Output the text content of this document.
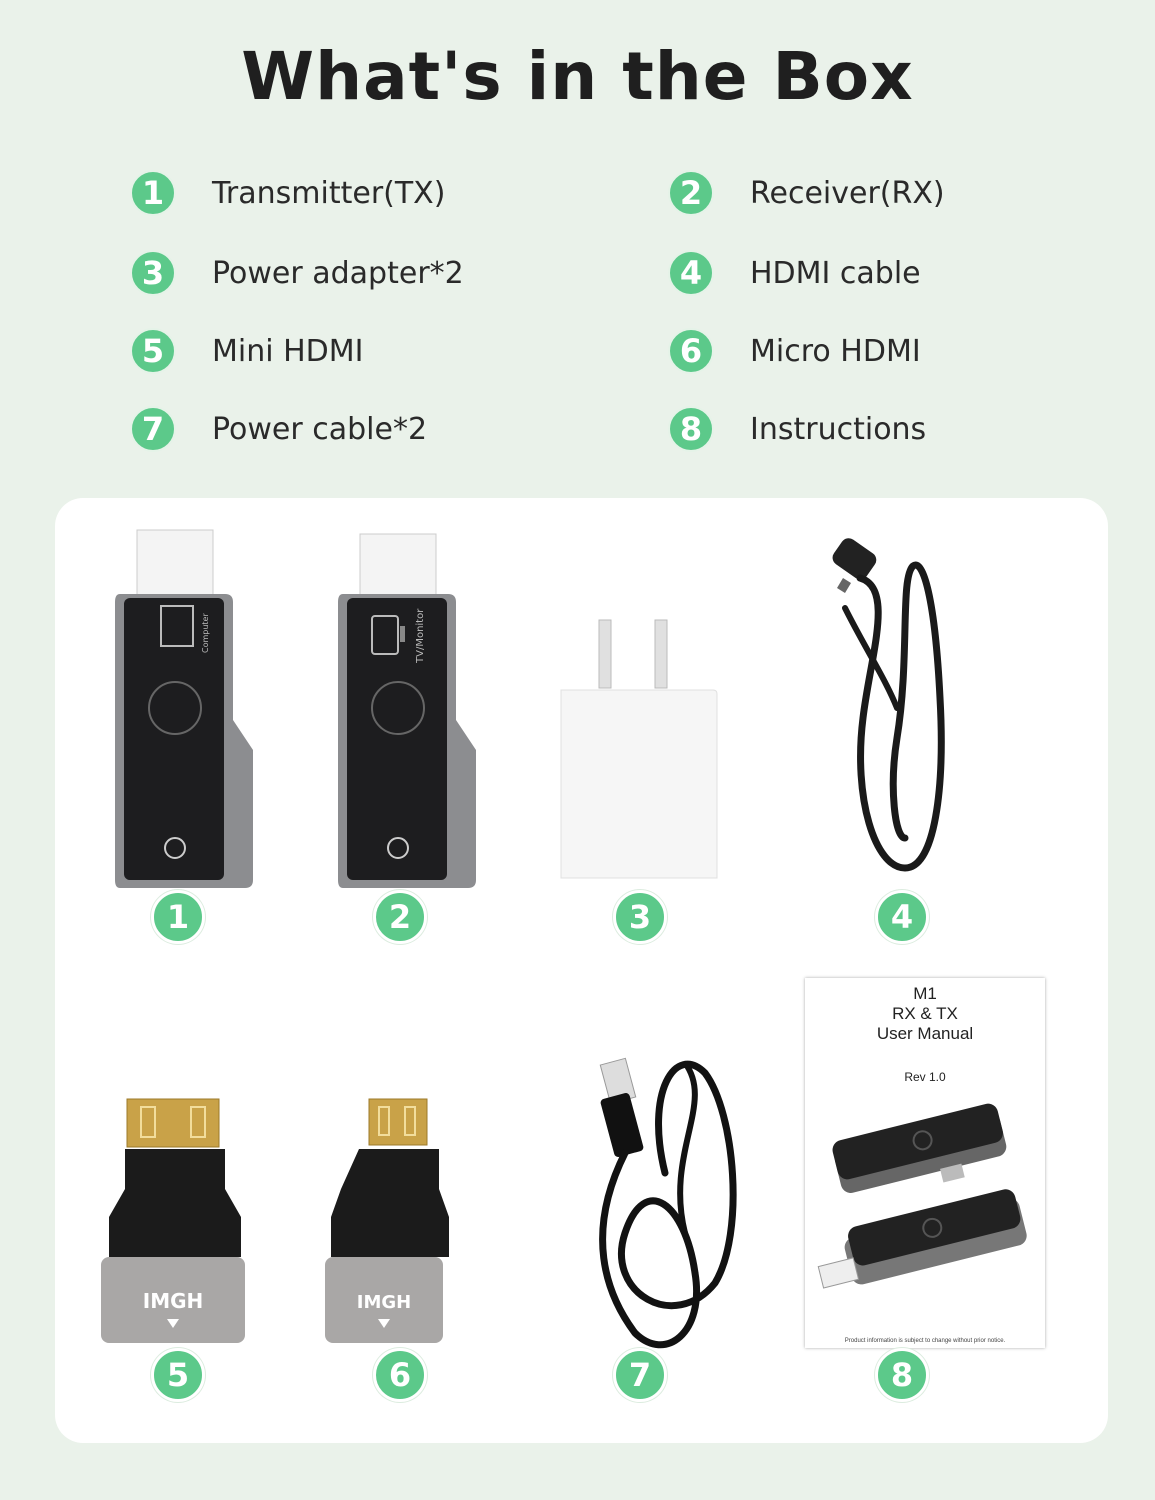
What's in the Box
1	Transmitter(TX)	2	Receiver(RX)
3	Power adapter*2	4	HDMI cable
5	Mini HDMI	6	Micro HDMI
7	Power cable*2	8	Instructions
Computer
1
TV/Monitor
2	3	4
IMGH
5
IMGH
6	7
M1
RX & TX
User Manual
Rev 1.0
Product information is subject to change without prior notice.
8
